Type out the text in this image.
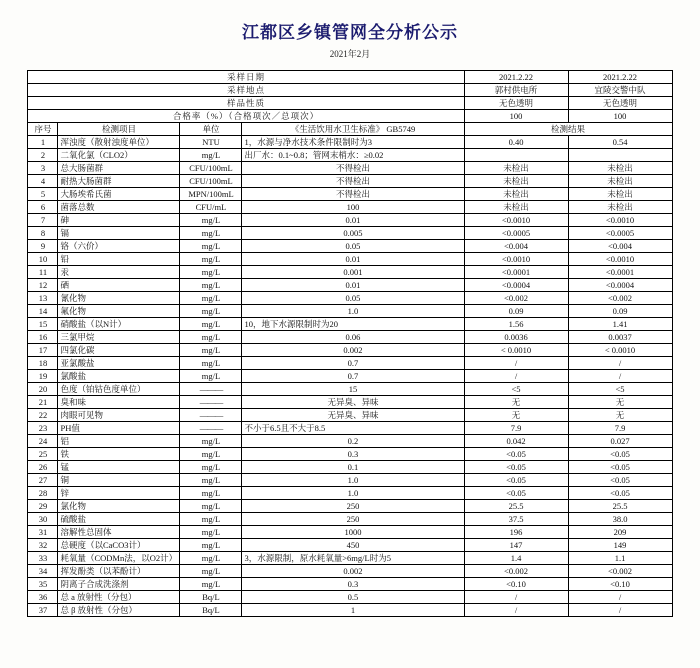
江都区乡镇管网全分析公示
2021年2月
采样日期				2021.2.22	2021.2.22
采样地点				郭村供电所	宜陵交警中队
样品性质				无色透明	无色透明
合格率（%）（合格项次／总项次）				100	100
序号	检测项目	单位	《生活饮用水卫生标准》 GB5749	检测结果	
1	浑浊度（散射浊度单位）	NTU	1，水源与净水技术条件限制时为3	0.40	0.54
2	二氧化氯（CLO2）	mg/L	出厂水：0.1~0.8；管网末梢水：≥0.02		
3	总大肠菌群	CFU/100mL	不得检出	未检出	未检出
4	耐热大肠菌群	CFU/100mL	不得检出	未检出	未检出
5	大肠埃希氏菌	MPN/100mL	不得检出	未检出	未检出
6	菌落总数	CFU/mL	100	未检出	未检出
7	砷	mg/L	0.01	<0.0010	<0.0010
8	镉	mg/L	0.005	<0.0005	<0.0005
9	铬（六价）	mg/L	0.05	<0.004	<0.004
10	铅	mg/L	0.01	<0.0010	<0.0010
11	汞	mg/L	0.001	<0.0001	<0.0001
12	硒	mg/L	0.01	<0.0004	<0.0004
13	氰化物	mg/L	0.05	<0.002	<0.002
14	氟化物	mg/L	1.0	0.09	0.09
15	硝酸盐（以N计）	mg/L	10，地下水源限制时为20	1.56	1.41
16	三氯甲烷	mg/L	0.06	0.0036	0.0037
17	四氯化碳	mg/L	0.002	< 0.0010	< 0.0010
18	亚氯酸盐	mg/L	0.7	/	/
19	氯酸盐	mg/L	0.7	/	/
20	色度（铂钴色度单位）	———	15	<5	<5
21	臭和味	———	无异臭、异味	无	无
22	肉眼可见物	———	无异臭、异味	无	无
23	PH值	———	不小于6.5且不大于8.5	7.9	7.9
24	铝	mg/L	0.2	0.042	0.027
25	铁	mg/L	0.3	<0.05	<0.05
26	锰	mg/L	0.1	<0.05	<0.05
27	铜	mg/L	1.0	<0.05	<0.05
28	锌	mg/L	1.0	<0.05	<0.05
29	氯化物	mg/L	250	25.5	25.5
30	硫酸盐	mg/L	250	37.5	38.0
31	溶解性总固体	mg/L	1000	196	209
32	总硬度（以CaCO3计）	mg/L	450	147	149
33	耗氧量（CODMn法，以O2计）	mg/L	3，水源限制，原水耗氧量>6mg/L时为5	1.4	1.1
34	挥发酚类（以苯酚计）	mg/L	0.002	<0.002	<0.002
35	阴离子合成洗涤剂	mg/L	0.3	<0.10	<0.10
36	总 a 放射性（分包）	Bq/L	0.5	/	/
37	总 β 放射性（分包）	Bq/L	1	/	/
